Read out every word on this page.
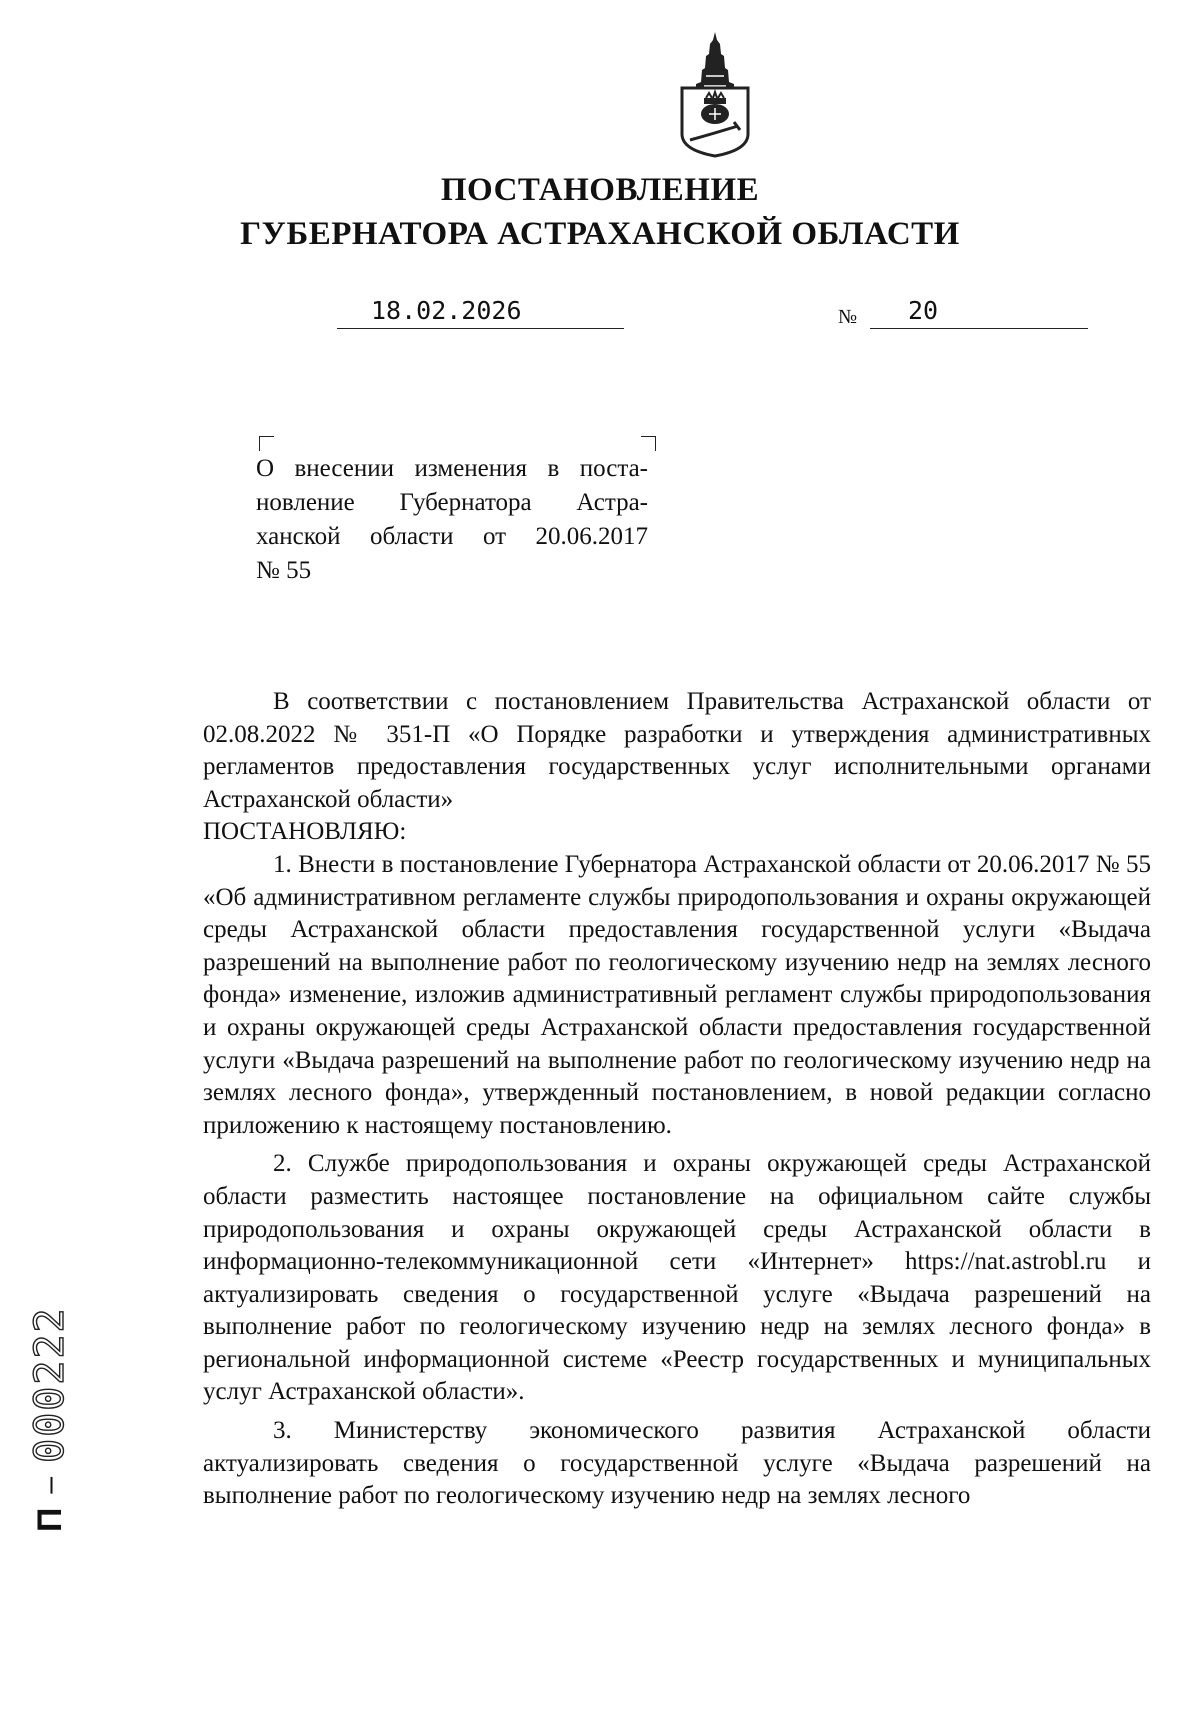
ПОСТАНОВЛЕНИЕ
ГУБЕРНАТОРА АСТРАХАНСКОЙ ОБЛАСТИ
18.02.2026	№ 20
О внесении изменения в поста-
новление Губернатора Астра-
ханской области от 20.06.2017
№ 55

В соответствии с постановлением Правительства Астраханской области от 02.08.2022 № 351-П «О Порядке разработки и утверждения административных регламентов предоставления государственных услуг исполнительными органами Астраханской области»

ПОСТАНОВЛЯЮ:

1. Внести в постановление Губернатора Астраханской области от 20.06.2017 № 55 «Об административном регламенте службы природопользования и охраны окружающей среды Астраханской области предоставления государственной услуги «Выдача разрешений на выполнение работ по геологическому изучению недр на землях лесного фонда» изменение, изложив административный регламент службы природопользования и охраны окружающей среды Астраханской области предоставления государственной услуги «Выдача разрешений на выполнение работ по геологическому изучению недр на землях лесного фонда», утвержденный постановлением, в новой редакции согласно приложению к настоящему постановлению.

2. Службе природопользования и охраны окружающей среды Астраханской области разместить настоящее постановление на официальном сайте службы природопользования и охраны окружающей среды Астраханской области в информационно-телекоммуникационной сети «Интернет» https://nat.astrobl.ru и актуализировать сведения о государственной услуге «Выдача разрешений на выполнение работ по геологическому изучению недр на землях лесного фонда» в региональной информационной системе «Реестр государственных и муниципальных услуг Астраханской области».

3. Министерству экономического развития Астраханской области актуализировать сведения о государственной услуге «Выдача разрешений на выполнение работ по геологическому изучению недр на землях лесного

П
–
000222
